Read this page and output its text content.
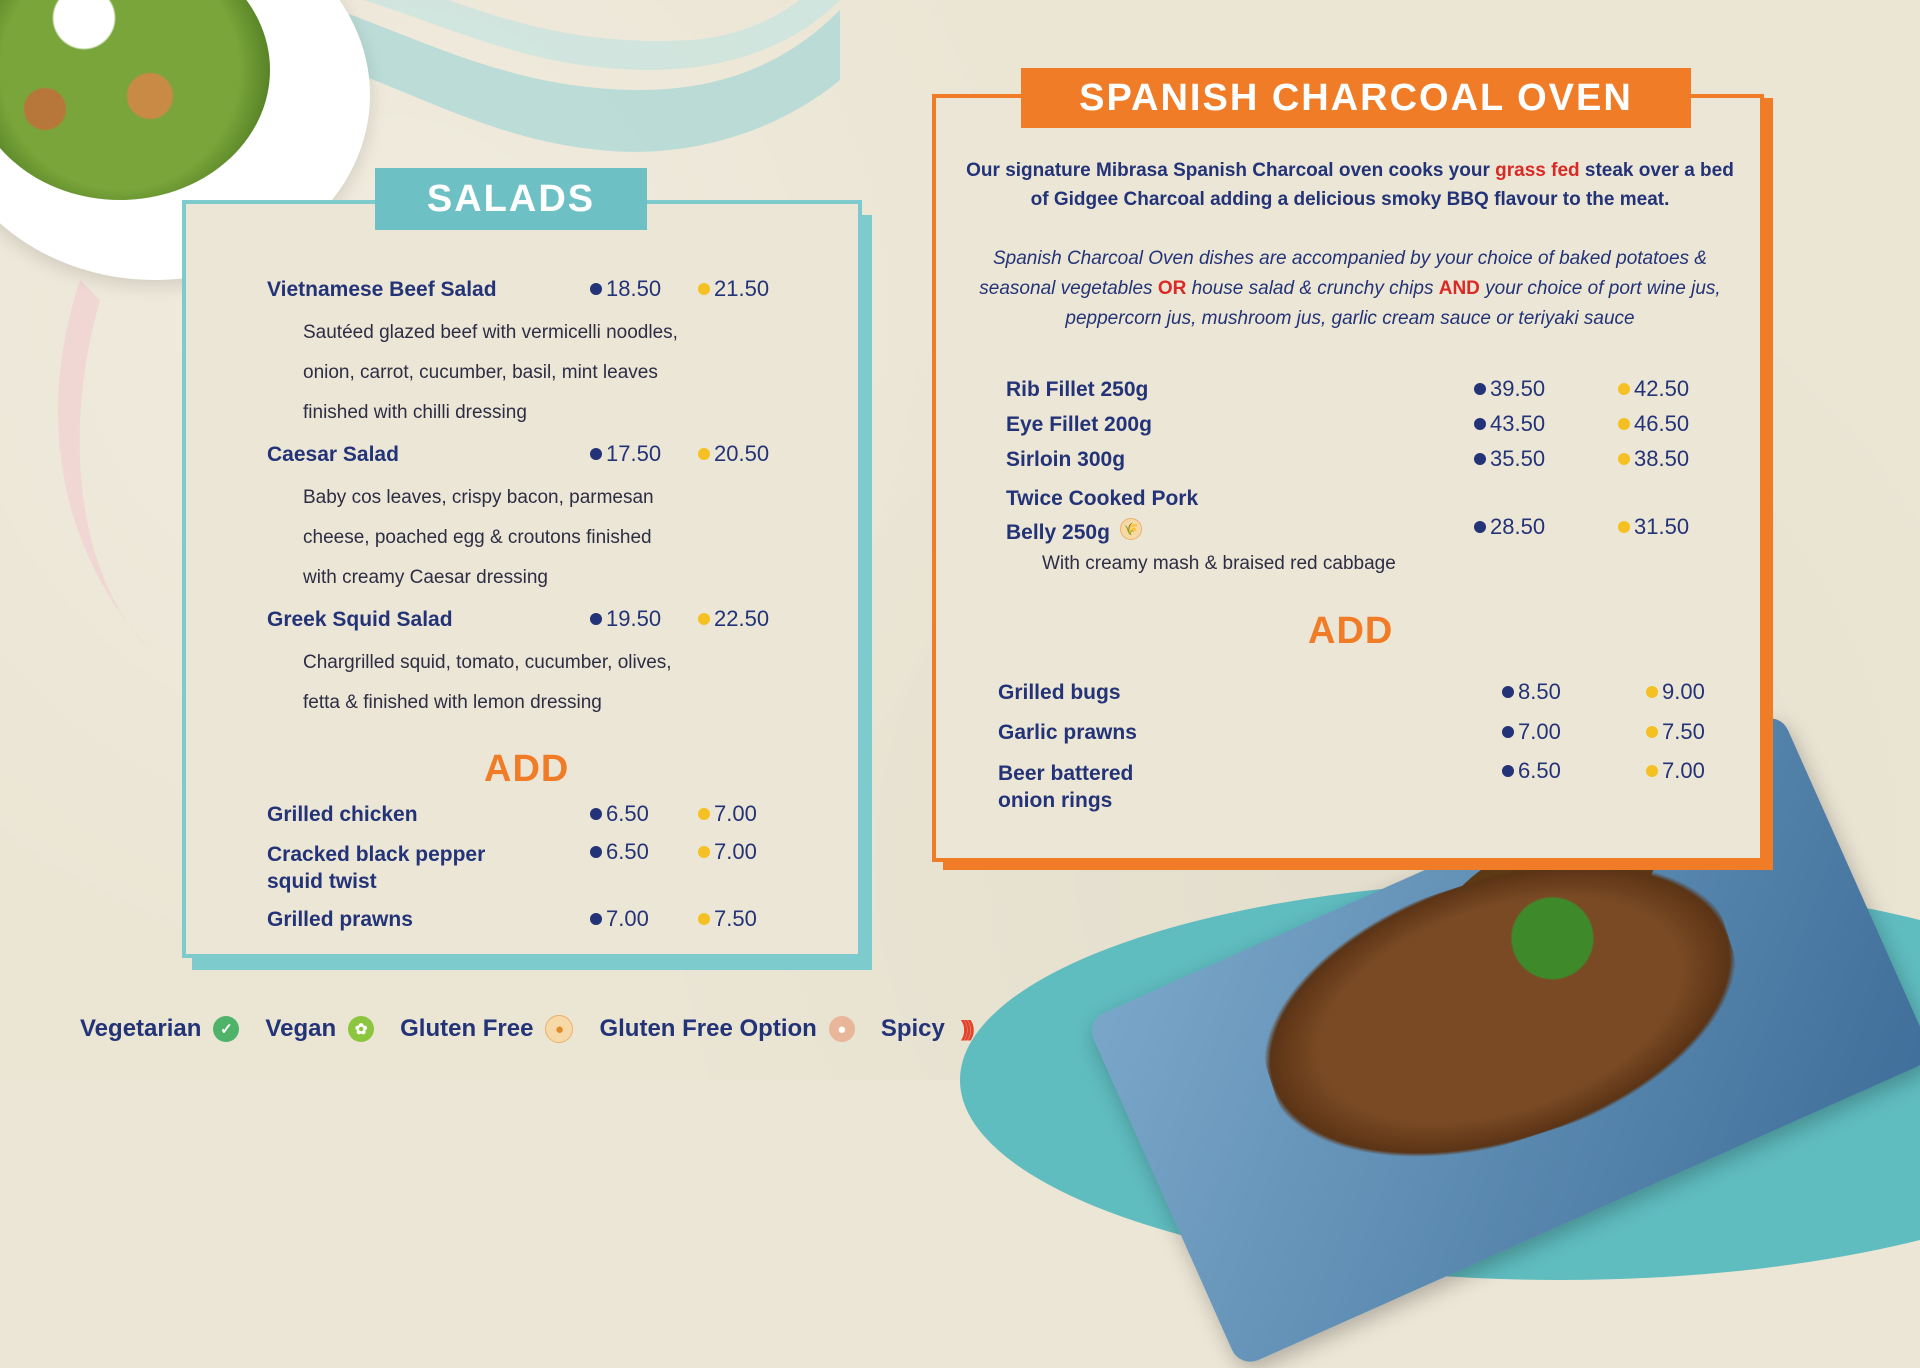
SALADS
Vietnamese Beef Salad	18.50 21.50
Sautéed glazed beef with vermicelli noodles,
onion, carrot, cucumber, basil, mint leaves
finished with chilli dressing
Caesar Salad	17.50 20.50
Baby cos leaves, crispy bacon, parmesan
cheese, poached egg & croutons finished
with creamy Caesar dressing
Greek Squid Salad	19.50 22.50
Chargrilled squid, tomato, cucumber, olives,
fetta & finished with lemon dressing
ADD
Grilled chicken	6.50	7.00
Cracked black pepper
squid twist
6.50	7.00
Grilled prawns	7.00	7.50
SPANISH CHARCOAL OVEN
Our signature Mibrasa Spanish Charcoal oven cooks your grass fed steak over a bed of Gidgee Charcoal adding a delicious smoky BBQ flavour to the meat.
Spanish Charcoal Oven dishes are accompanied by your choice of baked potatoes & seasonal vegetables OR house salad & crunchy chips AND your choice of port wine jus, peppercorn jus, mushroom jus, garlic cream sauce or teriyaki sauce
Rib Fillet 250g	39.50	42.50
Eye Fillet 200g	43.50	46.50
Sirloin 300g	35.50	38.50
Twice Cooked Pork
Belly 250g	🌾	28.50	31.50
With creamy mash & braised red cabbage
ADD
Grilled bugs	8.50	9.00
Garlic prawns	7.00	7.50
Beer battered
onion rings
6.50	7.00
Vegetarian	✓ Vegan	✿ Gluten Free	●	Gluten Free Option	●	Spicy )))
